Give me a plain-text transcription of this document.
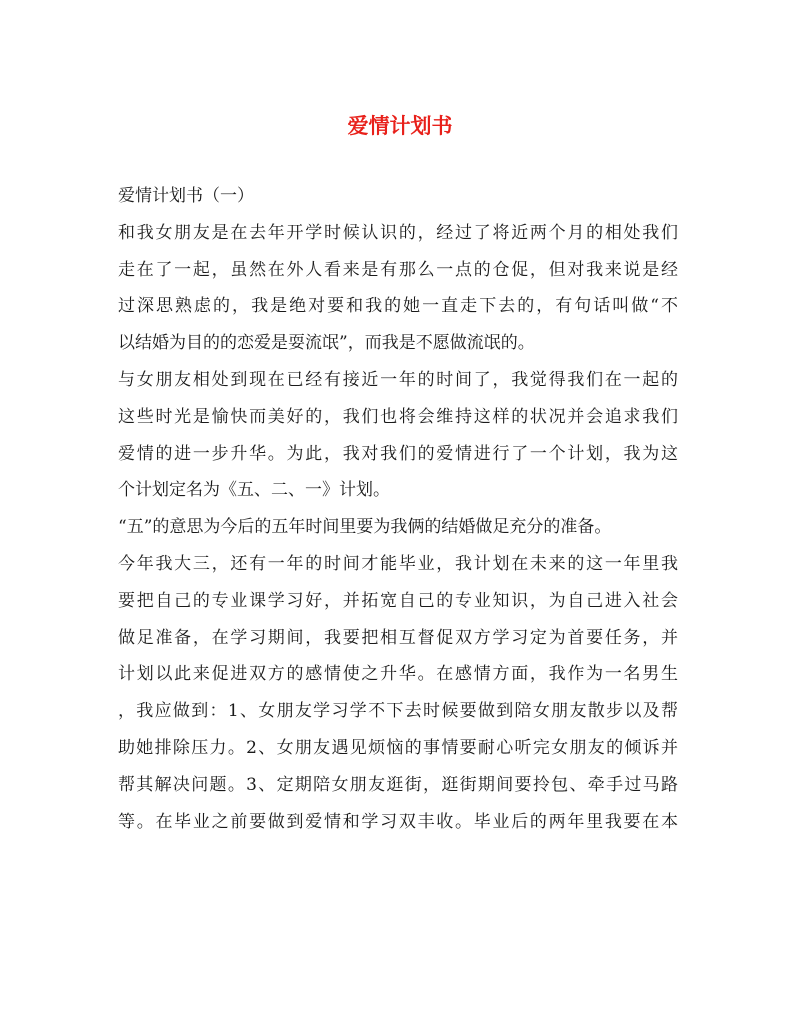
爱情计划书
爱情计划书（一）
和我女朋友是在去年开学时候认识的，经过了将近两个月的相处我们
走在了一起，虽然在外人看来是有那么一点的仓促，但对我来说是经
过深思熟虑的，我是绝对要和我的她一直走下去的，有句话叫做“不
以结婚为目的的恋爱是耍流氓”，而我是不愿做流氓的。
与女朋友相处到现在已经有接近一年的时间了，我觉得我们在一起的
这些时光是愉快而美好的，我们也将会维持这样的状况并会追求我们
爱情的进一步升华。为此，我对我们的爱情进行了一个计划，我为这
个计划定名为《五、二、一》计划。
“五”的意思为今后的五年时间里要为我俩的结婚做足充分的准备。
今年我大三，还有一年的时间才能毕业，我计划在未来的这一年里我
要把自己的专业课学习好，并拓宽自己的专业知识，为自己进入社会
做足准备，在学习期间，我要把相互督促双方学习定为首要任务，并
计划以此来促进双方的感情使之升华。在感情方面，我作为一名男生
，我应做到：1、女朋友学习学不下去时候要做到陪女朋友散步以及帮
助她排除压力。2、女朋友遇见烦恼的事情要耐心听完女朋友的倾诉并
帮其解决问题。3、定期陪女朋友逛街，逛街期间要拎包、牵手过马路
等。在毕业之前要做到爱情和学习双丰收。毕业后的两年里我要在本
